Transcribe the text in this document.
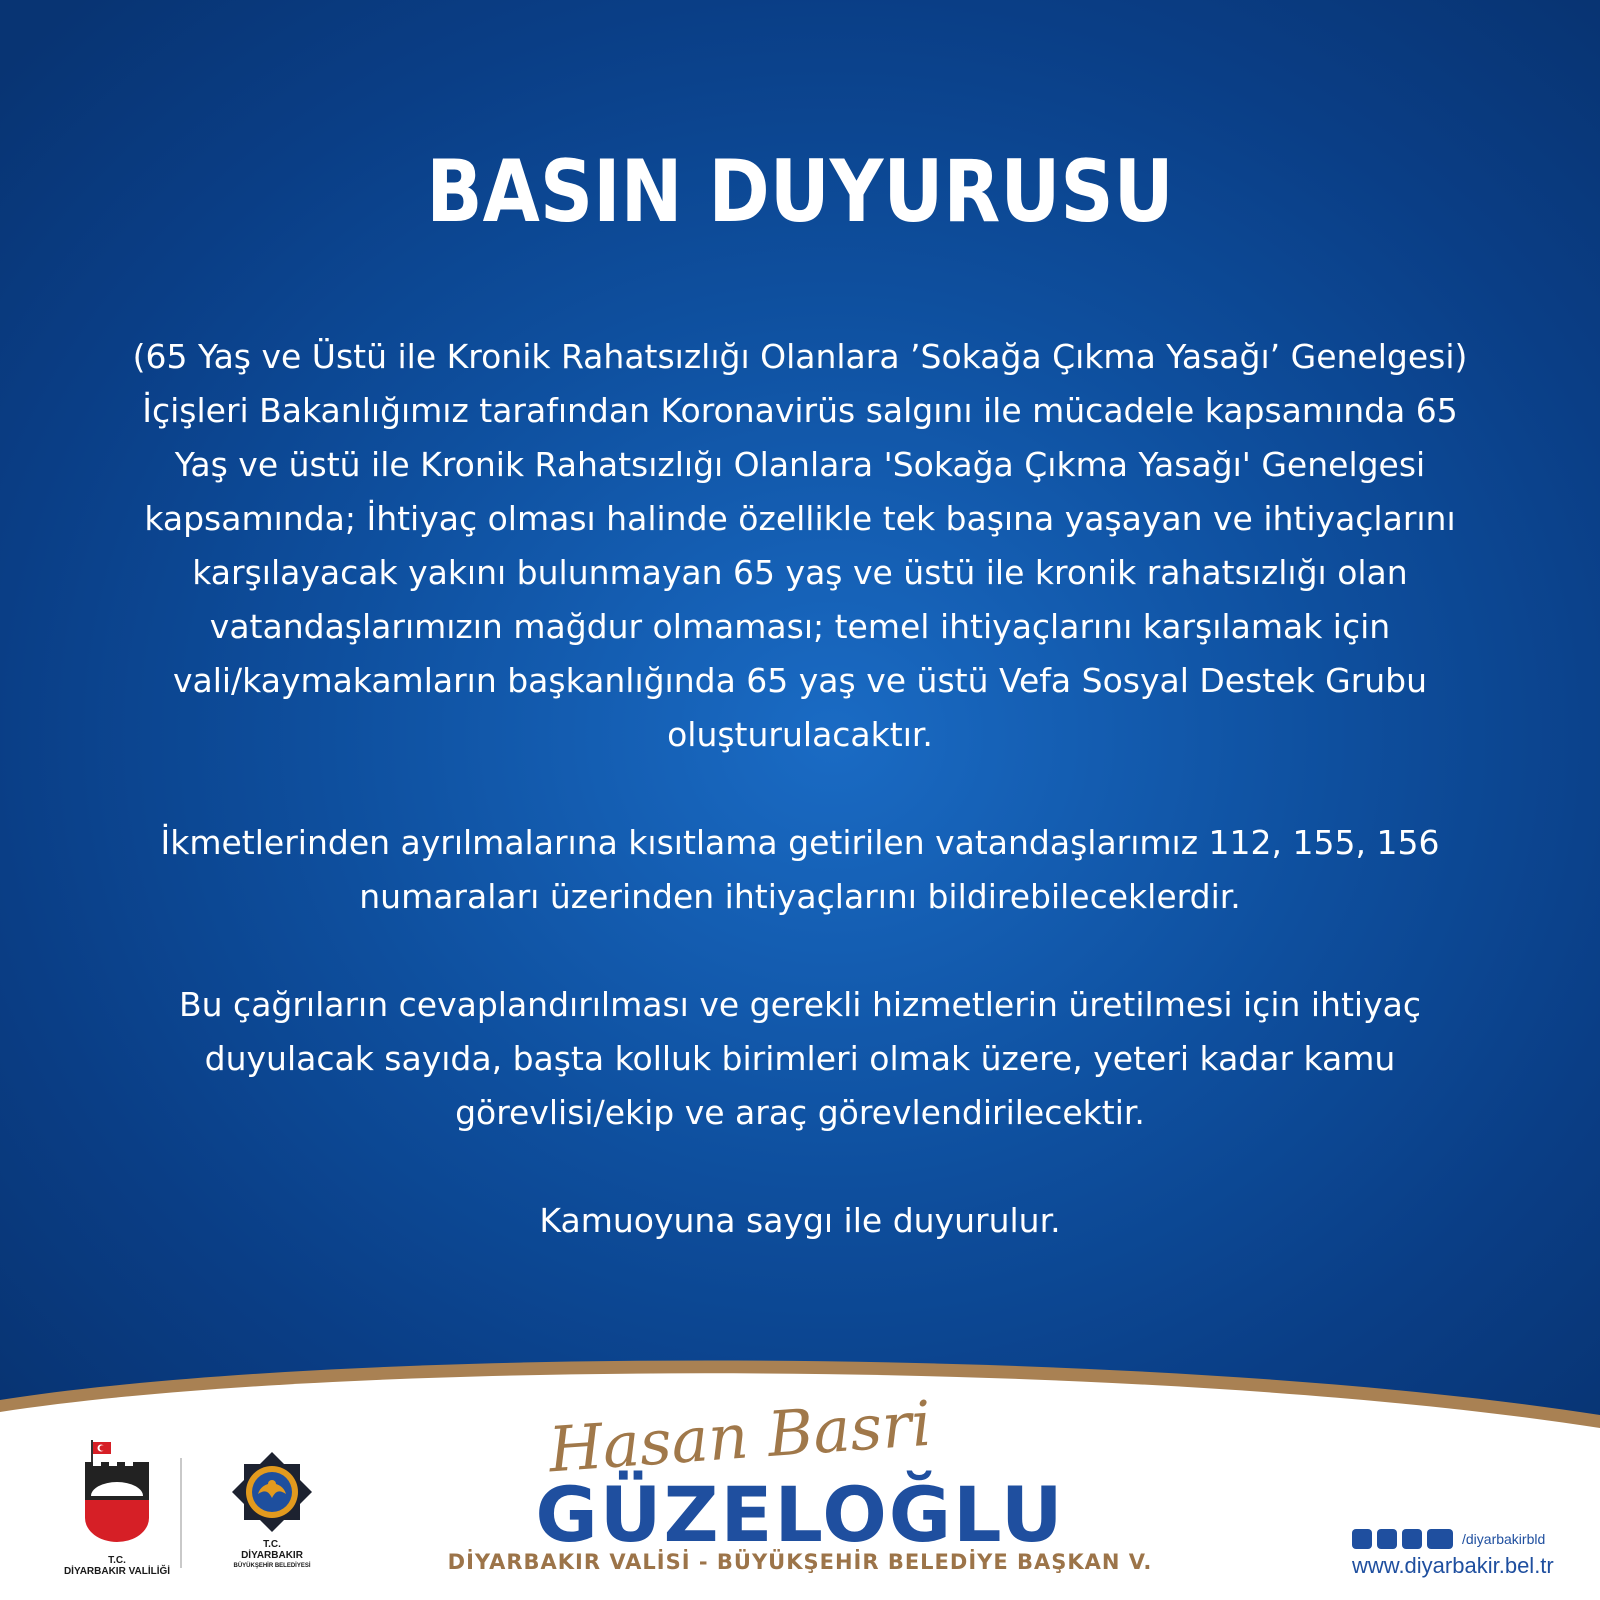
BASIN DUYURUSU
(65 Yaş ve Üstü ile Kronik Rahatsızlığı Olanlara ’Sokağa Çıkma Yasağı’ Genelgesi)
İçişleri Bakanlığımız tarafından Koronavirüs salgını ile mücadele kapsamında 65
Yaş ve üstü ile Kronik Rahatsızlığı Olanlara 'Sokağa Çıkma Yasağı' Genelgesi
kapsamında; İhtiyaç olması halinde özellikle tek başına yaşayan ve ihtiyaçlarını
karşılayacak yakını bulunmayan 65 yaş ve üstü ile kronik rahatsızlığı olan
vatandaşlarımızın mağdur olmaması; temel ihtiyaçlarını karşılamak için
vali/kaymakamların başkanlığında 65 yaş ve üstü Vefa Sosyal Destek Grubu
oluşturulacaktır.
İkmetlerinden ayrılmalarına kısıtlama getirilen vatandaşlarımız 112, 155, 156
numaraları üzerinden ihtiyaçlarını bildirebileceklerdir.
Bu çağrıların cevaplandırılması ve gerekli hizmetlerin üretilmesi için ihtiyaç
duyulacak sayıda, başta kolluk birimleri olmak üzere, yeteri kadar kamu
görevlisi/ekip ve araç görevlendirilecektir.
Kamuoyuna saygı ile duyurulur.
T.C.
DİYARBAKIR VALİLİĞİ
T.C.
DİYARBAKIR
BÜYÜKŞEHİR BELEDİYESİ
Hasan Basri
GÜZELOĞLU
DİYARBAKIR VALİSİ - BÜYÜKŞEHİR BELEDİYE BAŞKAN V.
/diyarbakirbld
www.diyarbakir.bel.tr
